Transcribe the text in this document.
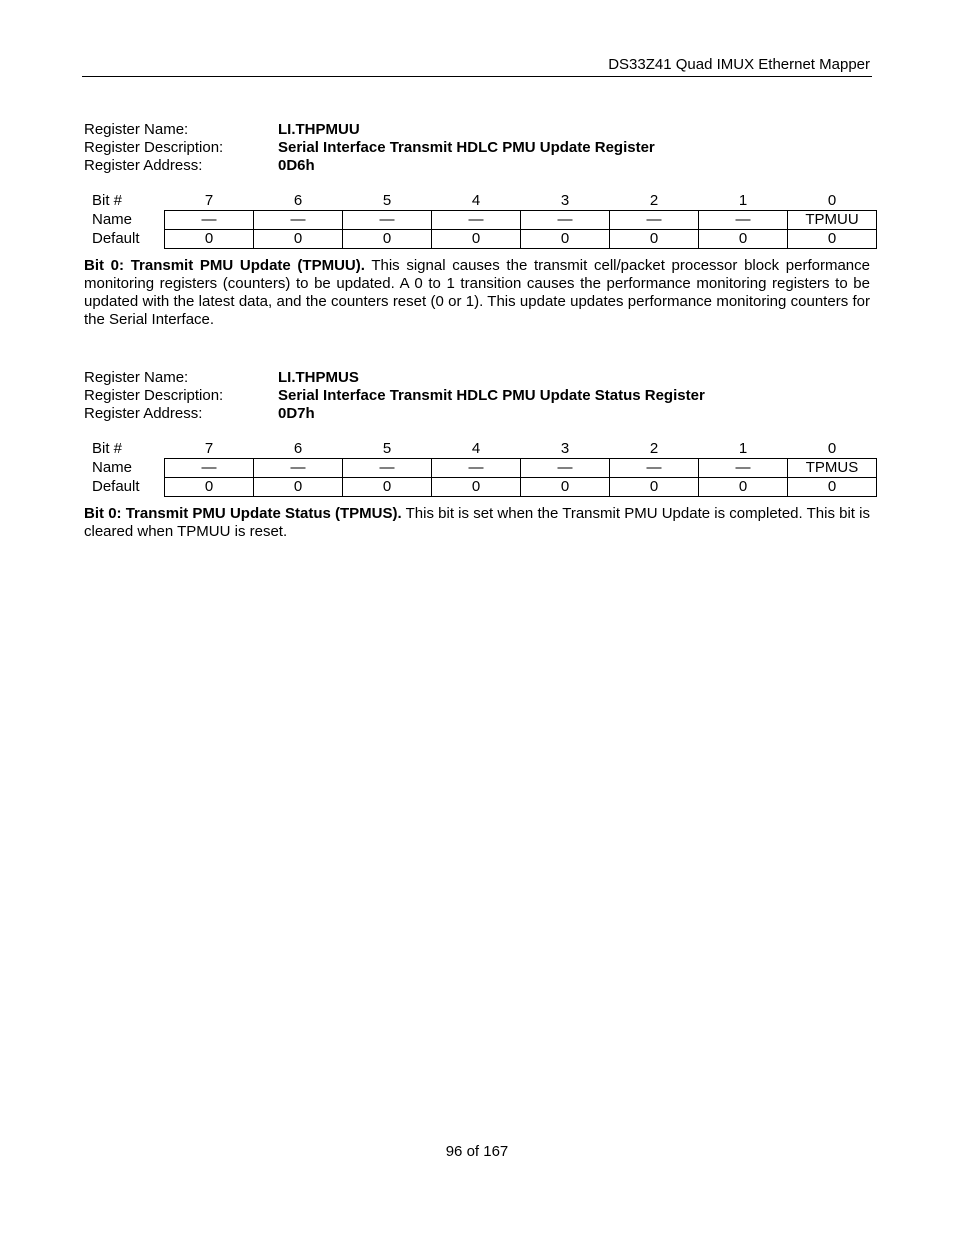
DS33Z41 Quad IMUX Ethernet Mapper
Register Name:	LI.THPMUU
Register Description:	Serial Interface Transmit HDLC PMU Update Register
Register Address:	0D6h
Bit #	7	6	5	4	3	2	1	0
Name	—	—	—	—	—	—	—	TPMUU
Default	0	0	0	0	0	0	0	0
Bit 0: Transmit PMU Update (TPMUU). This signal causes the transmit cell/packet processor block performance monitoring registers (counters) to be updated. A 0 to 1 transition causes the performance monitoring registers to be updated with the latest data, and the counters reset (0 or 1). This update updates performance monitoring counters for the Serial Interface.
Register Name:	LI.THPMUS
Register Description:	Serial Interface Transmit HDLC PMU Update Status Register
Register Address:	0D7h
Bit #	7	6	5	4	3	2	1	0
Name	—	—	—	—	—	—	—	TPMUS
Default	0	0	0	0	0	0	0	0
Bit 0: Transmit PMU Update Status (TPMUS). This bit is set when the Transmit PMU Update is completed. This bit is cleared when TPMUU is reset.
96 of 167
